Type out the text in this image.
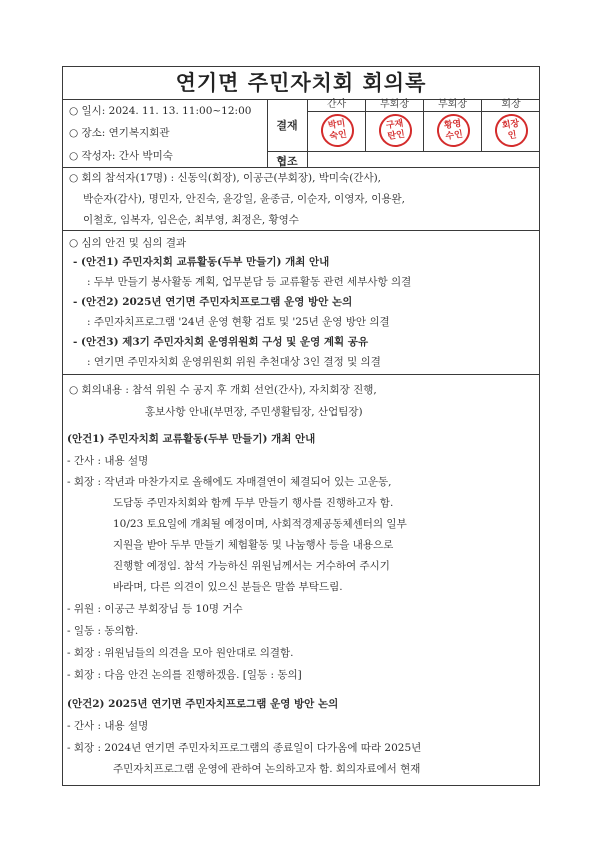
연기면 주민자치회 회의록
○ 일시: 2024. 11. 13. 11:00~12:00
○ 장소: 연기복지회관
○ 작성자: 간사 박미숙
결재
간사
박미
숙인
부회장
구재
탄인
부회장
황영
수인
회장
회장
인
협조
○ 회의 참석자(17명) : 신동익(회장), 이공근(부회장), 박미숙(간사),
박순자(감사), 명민자, 안진숙, 윤강일, 윤종금, 이순자, 이영자, 이용완,
이철호, 임복자, 임은순, 최부영, 최정은, 황영수
○ 심의 안건 및 심의 결과
- (안건1) 주민자치회 교류활동(두부 만들기) 개최 안내
: 두부 만들기 봉사활동 계획, 업무분담 등 교류활동 관련 세부사항 의결
- (안건2) 2025년 연기면 주민자치프로그램 운영 방안 논의
: 주민자치프로그램 '24년 운영 현황 검토 및 '25년 운영 방안 의결
- (안건3) 제3기 주민자치회 운영위원회 구성 및 운영 계획 공유
: 연기면 주민자치회 운영위원회 위원 추천대상 3인 결정 및 의결
○ 회의내용 : 참석 위원 수 공지 후 개회 선언(간사), 자치회장 진행,
홍보사항 안내(부면장, 주민생활팀장, 산업팀장)
(안건1) 주민자치회 교류활동(두부 만들기) 개최 안내
- 간사 : 내용 설명
- 회장 : 작년과 마찬가지로 올해에도 자매결연이 체결되어 있는 고운동,
도담동 주민자치회와 함께 두부 만들기 행사를 진행하고자 함.
10/23 토요일에 개최될 예정이며, 사회적경제공동체센터의 일부
지원을 받아 두부 만들기 체험활동 및 나눔행사 등을 내용으로
진행할 예정임. 참석 가능하신 위원님께서는 거수하여 주시기
바라며, 다른 의견이 있으신 분들은 말씀 부탁드림.
- 위원 : 이공근 부회장님 등 10명 거수
- 일동 : 동의함.
- 회장 : 위원님들의 의견을 모아 원안대로 의결함.
- 회장 : 다음 안건 논의를 진행하겠음. [일동 : 동의]
(안건2) 2025년 연기면 주민자치프로그램 운영 방안 논의
- 간사 : 내용 설명
- 회장 : 2024년 연기면 주민자치프로그램의 종료일이 다가옴에 따라 2025년
주민자치프로그램 운영에 관하여 논의하고자 함. 회의자료에서 현재
